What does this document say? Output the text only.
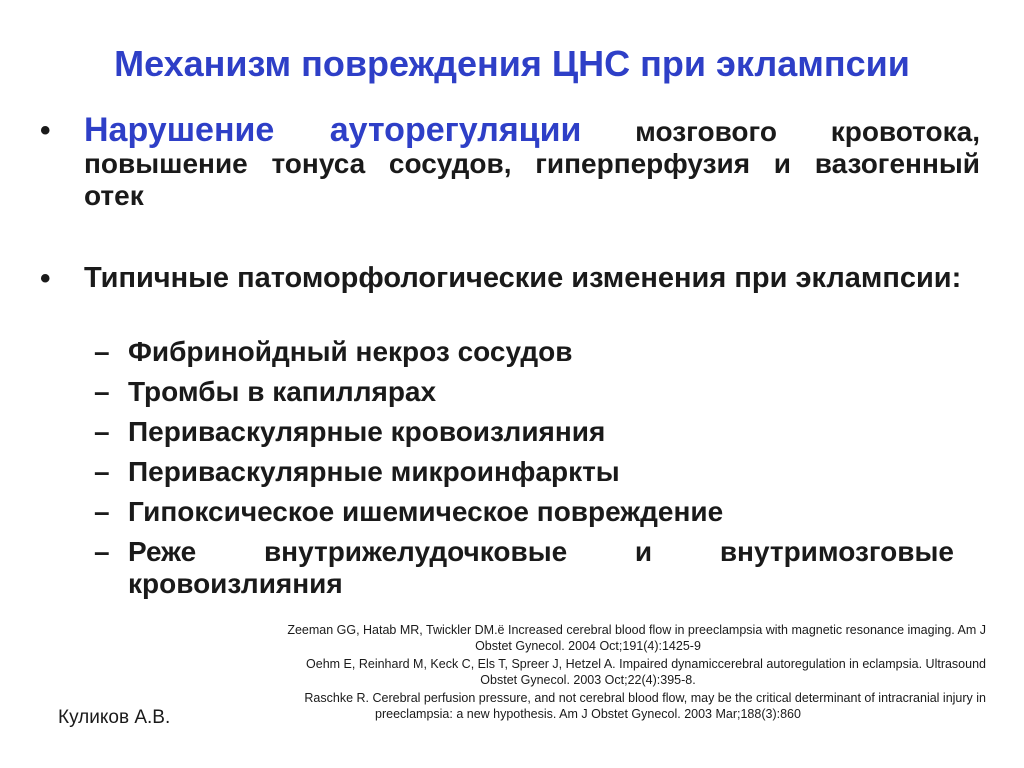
Механизм повреждения ЦНС при эклампсии
• Нарушение ауторегуляции мозгового кровотока, повышение тонуса сосудов, гиперперфузия и вазогенный отек
• Типичные патоморфологические изменения при эклампсии:
– Фибринойдный некроз сосудов
– Тромбы в капиллярах
– Периваскулярные кровоизлияния
– Периваскулярные микроинфаркты
– Гипоксическое ишемическое повреждение
– Реже внутрижелудочковые и внутримозговые
кровоизлияния
Zeeman GG, Hatab MR, Twickler DM.ё Increased cerebral blood flow in preeclampsia with magnetic resonance imaging. Am J
Obstet Gynecol. 2004 Oct;191(4):1425-9
Oehm E, Reinhard M, Keck C, Els T, Spreer J, Hetzel A. Impaired dynamiccerebral autoregulation in eclampsia. Ultrasound
Obstet Gynecol. 2003 Oct;22(4):395-8.
Raschke R. Cerebral perfusion pressure, and not cerebral blood flow, may be the critical determinant of intracranial injury in
preeclampsia: a new hypothesis. Am J Obstet Gynecol. 2003 Mar;188(3):860
Куликов А.В.
